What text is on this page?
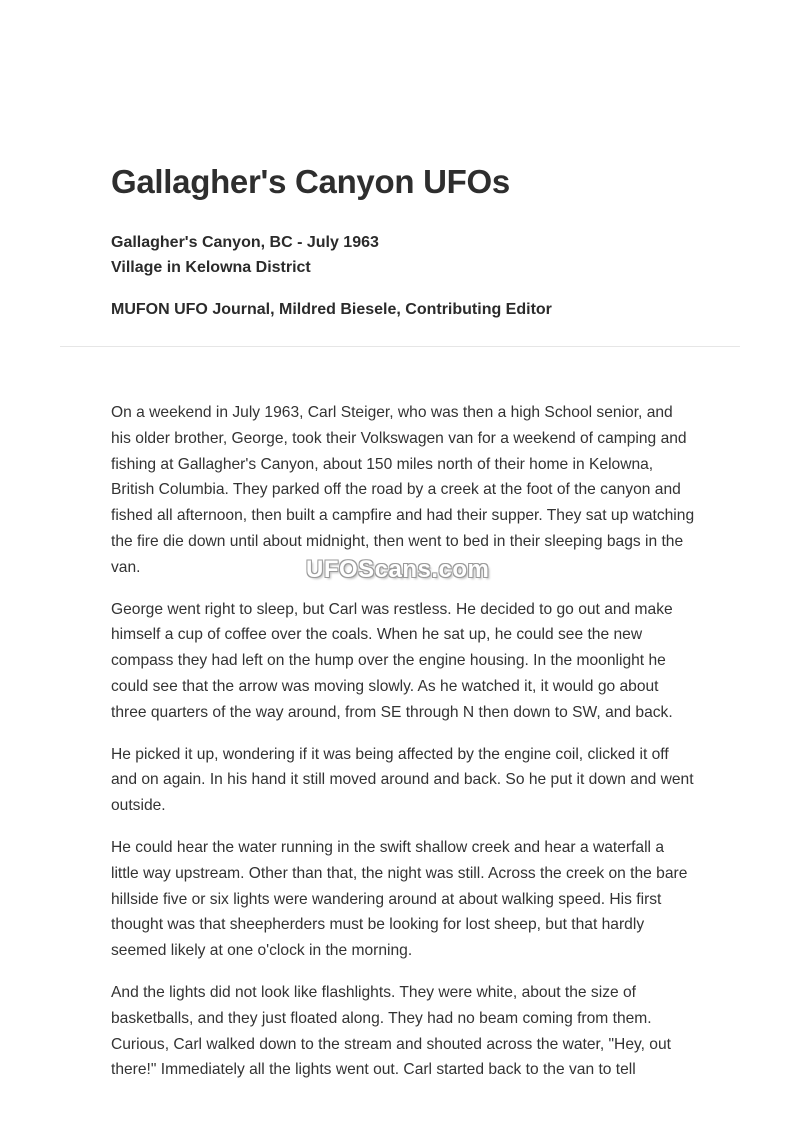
Gallagher's Canyon UFOs
Gallagher's Canyon, BC - July 1963
Village in Kelowna District
MUFON UFO Journal, Mildred Biesele, Contributing Editor

On a weekend in July 1963, Carl Steiger, who was then a high School senior, and his older brother, George, took their Volkswagen van for a weekend of camping and fishing at Gallagher's Canyon, about 150 miles north of their home in Kelowna, British Columbia. They parked off the road by a creek at the foot of the canyon and fished all afternoon, then built a campfire and had their supper. They sat up watching the fire die down until about midnight, then went to bed in their sleeping bags in the van.

George went right to sleep, but Carl was restless. He decided to go out and make himself a cup of coffee over the coals. When he sat up, he could see the new compass they had left on the hump over the engine housing. In the moonlight he could see that the arrow was moving slowly. As he watched it, it would go about three quarters of the way around, from SE through N then down to SW, and back.

He picked it up, wondering if it was being affected by the engine coil, clicked it off and on again. In his hand it still moved around and back. So he put it down and went outside.

He could hear the water running in the swift shallow creek and hear a waterfall a little way upstream. Other than that, the night was still. Across the creek on the bare hillside five or six lights were wandering around at about walking speed. His first thought was that sheepherders must be looking for lost sheep, but that hardly seemed likely at one o'clock in the morning.

And the lights did not look like flashlights. They were white, about the size of basketballs, and they just floated along. They had no beam coming from them. Curious, Carl walked down to the stream and shouted across the water, "Hey, out there!" Immediately all the lights went out. Carl started back to the van to tell

UFOScans.com
